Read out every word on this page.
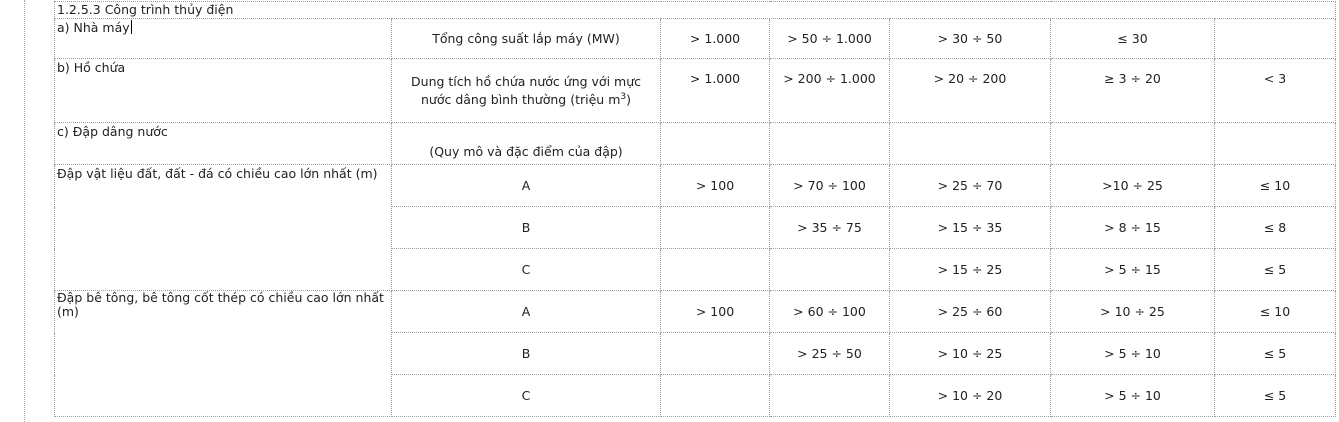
1.2.5.3 Công trình thủy điện						
a) Nhà máy	Tổng công suất lắp máy (MW)	> 1.000	> 50 ÷ 1.000	> 30 ÷ 50	≤ 30	
b) Hồ chứa	Dung tích hồ chứa nước ứng với mực
nước dâng bình thường (triệu $m^3$)	> 1.000	> 200 ÷ 1.000	> 20 ÷ 200	≥ 3 ÷ 20	< 3
c) Đập dâng nước	(Quy mô và đặc điểm của đập)					
Đập vật liệu đất, đất - đá có chiều cao lớn nhất (m)	A	> 100	> 70 ÷ 100	> 25 ÷ 70	>10 ÷ 25	≤ 10
	B		> 35 ÷ 75	> 15 ÷ 35	> 8 ÷ 15	≤ 8
	C			> 15 ÷ 25	> 5 ÷ 15	≤ 5
Đập bê tông, bê tông cốt thép có chiều cao lớn nhất (m)	A	> 100	> 60 ÷ 100	> 25 ÷ 60	> 10 ÷ 25	≤ 10
	B		> 25 ÷ 50	> 10 ÷ 25	> 5 ÷ 10	≤ 5
	C			> 10 ÷ 20	> 5 ÷ 10	≤ 5
